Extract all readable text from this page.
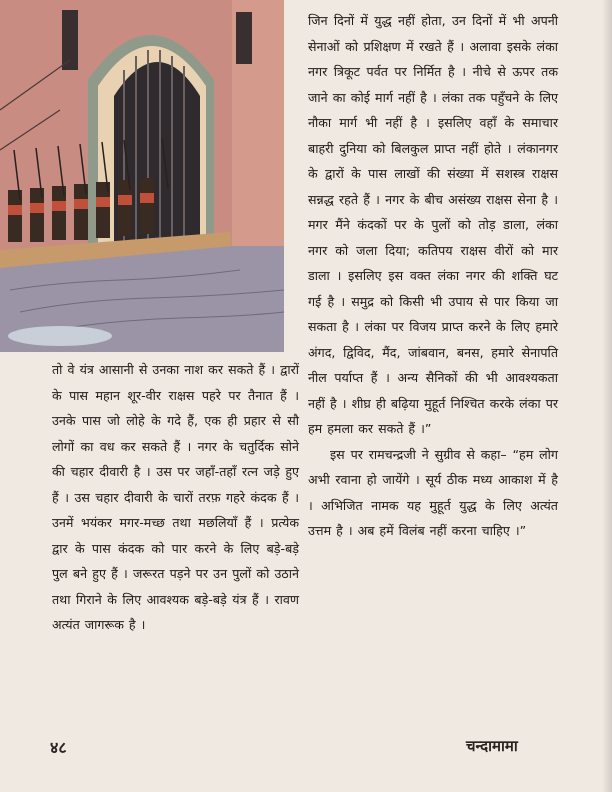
जिन दिनों में युद्ध नहीं होता, उन दिनों में भी अपनी सेनाओं को प्रशिक्षण में रखते हैं । अलावा इसके लंका नगर त्रिकूट पर्वत पर निर्मित है । नीचे से ऊपर तक जाने का कोई मार्ग नहीं है । लंका तक पहुँचने के लिए नौका मार्ग भी नहीं है । इसलिए वहाँ के समाचार बाहरी दुनिया को बिलकुल प्राप्त नहीं होते । लंकानगर के द्वारों के पास लाखों की संख्या में सशस्त्र राक्षस सन्नद्ध रहते हैं । नगर के बीच असंख्य राक्षस सेना है । मगर मैंने कंदकों पर के पुलों को तोड़ डाला, लंका नगर को जला दिया; कतिपय राक्षस वीरों को मार डाला । इसलिए इस वक्त लंका नगर की शक्ति घट गई है । समुद्र को किसी भी उपाय से पार किया जा सकता है । लंका पर विजय प्राप्त करने के लिए हमारे अंगद, द्विविद, मैंद, जांबवान, बनस, हमारे सेनापति नील पर्याप्त हैं । अन्य सैनिकों की भी आवश्यकता नहीं है । शीघ्र ही बढ़िया मुहूर्त निश्चित करके लंका पर हम हमला कर सकते हैं ।”

इस पर रामचन्द्रजी ने सुग्रीव से कहा– “हम लोग अभी रवाना हो जायेंगे । सूर्य ठीक मध्य आकाश में है । अभिजित नामक यह मुहूर्त युद्ध के लिए अत्यंत उत्तम है । अब हमें विलंब नहीं करना चाहिए ।”

तो वे यंत्र आसानी से उनका नाश कर सकते हैं । द्वारों के पास महान शूर-वीर राक्षस पहरे पर तैनात हैं । उनके पास जो लोहे के गदे हैं, एक ही प्रहार से सौ लोगों का वध कर सकते हैं । नगर के चतुर्दिक सोने की चहार दीवारी है । उस पर जहाँ-तहाँ रत्न जड़े हुए हैं । उस चहार दीवारी के चारों तरफ़ गहरे कंदक हैं । उनमें भयंकर मगर-मच्छ तथा मछलियाँ हैं । प्रत्येक द्वार के पास कंदक को पार करने के लिए बड़े-बड़े पुल बने हुए हैं । जरूरत पड़ने पर उन पुलों को उठाने तथा गिराने के लिए आवश्यक बड़े-बड़े यंत्र हैं । रावण अत्यंत जागरूक है ।

४८	चन्दामामा
